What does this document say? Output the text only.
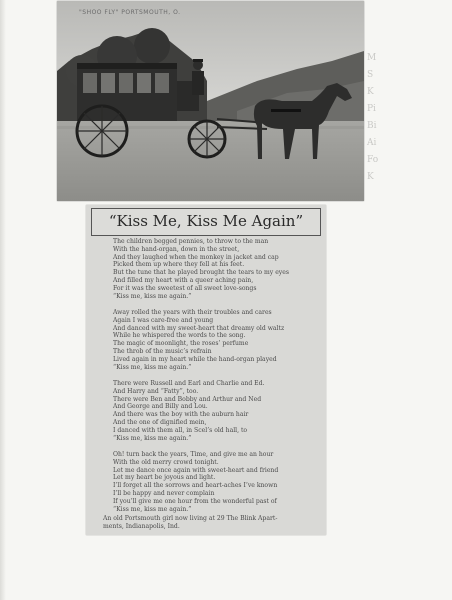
M
S
K
Pi
Bi
Ai
Fo
K
"SHOO FLY" PORTSMOUTH, O.
“Kiss Me, Kiss Me Again”
The children begged pennies, to throw to the man
With the hand-organ, down in the street,
And they laughed when the monkey in jacket and cap
Picked them up where they fell at his feet.
But the tune that he played brought the tears to my eyes
And filled my heart with a queer aching pain,
For it was the sweetest of all sweet love-songs
“Kiss me, kiss me again.”
Away rolled the years with their troubles and cares
Again I was care-free and young
And danced with my sweet-heart that dreamy old waltz
While he whispered the words to the song.
The magic of moonlight, the roses’ perfume
The throb of the music’s refrain
Lived again in my heart while the hand-organ played
“Kiss me, kiss me again.”
There were Russell and Earl and Charlie and Ed.
And Harry and “Fatty”, too.
There were Ben and Bobby and Arthur and Ned
And George and Billy and Lou.
And there was the boy with the auburn hair
And the one of dignified mein,
I danced with them all, in Scel’s old hall, to
“Kiss me, kiss me again.”
Oh! turn back the years, Time, and give me an hour
With the old merry crowd tonight.
Let me dance once again with sweet-heart and friend
Let my heart be joyous and light.
I’ll forget all the sorrows and heart-aches I’ve known
I’ll be happy and never complain
If you’ll give me one hour from the wonderful past of
“Kiss me, kiss me again.”
An old Portsmouth girl now living at 29 The Blink Apart-
ments, Indianapolis, Ind.
